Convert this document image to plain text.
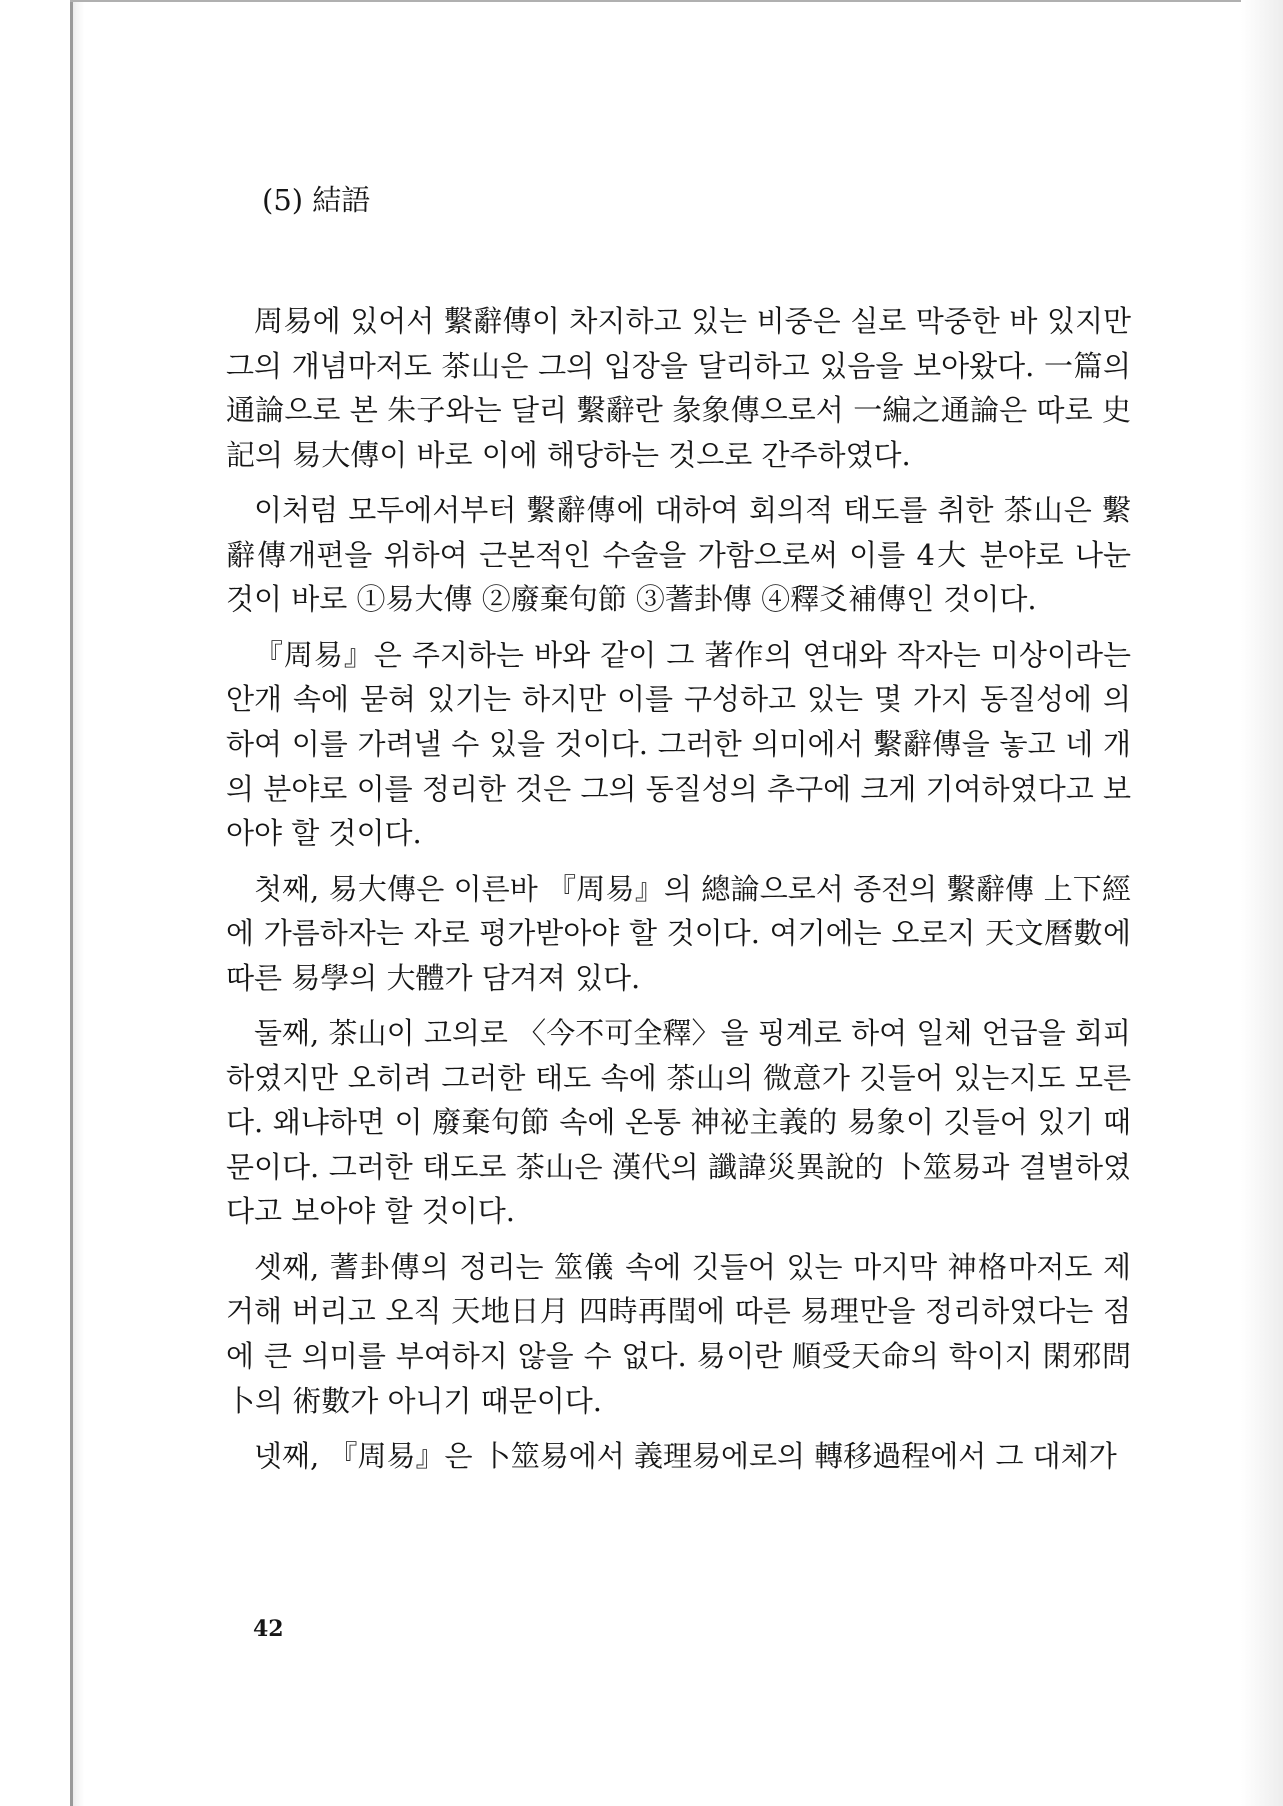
(5) 結語

周易에 있어서 繫辭傳이 차지하고 있는 비중은 실로 막중한 바 있지만 그의 개념마저도 茶山은 그의 입장을 달리하고 있음을 보아왔다. 一篇의 通論으로 본 朱子와는 달리 繫辭란 彖象傳으로서 一編之通論은 따로 史記의 易大傳이 바로 이에 해당하는 것으로 간주하였다.

이처럼 모두에서부터 繫辭傳에 대하여 회의적 태도를 취한 茶山은 繫辭傳개편을 위하여 근본적인 수술을 가함으로써 이를 4大 분야로 나눈 것이 바로 ①易大傳 ②廢棄句節 ③蓍卦傳 ④釋爻補傳인 것이다.

『周易』은 주지하는 바와 같이 그 著作의 연대와 작자는 미상이라는 안개 속에 묻혀 있기는 하지만 이를 구성하고 있는 몇 가지 동질성에 의하여 이를 가려낼 수 있을 것이다. 그러한 의미에서 繫辭傳을 놓고 네 개의 분야로 이를 정리한 것은 그의 동질성의 추구에 크게 기여하였다고 보아야 할 것이다.

첫째, 易大傳은 이른바 『周易』의 總論으로서 종전의 繫辭傳 上下經에 가름하자는 자로 평가받아야 할 것이다. 여기에는 오로지 天文曆數에 따른 易學의 大體가 담겨져 있다.

둘째, 茶山이 고의로 〈今不可全釋〉을 핑계로 하여 일체 언급을 회피하였지만 오히려 그러한 태도 속에 茶山의 微意가 깃들어 있는지도 모른다. 왜냐하면 이 廢棄句節 속에 온통 神祕主義的 易象이 깃들어 있기 때문이다. 그러한 태도로 茶山은 漢代의 讖諱災異說的 卜筮易과 결별하였다고 보아야 할 것이다.

셋째, 蓍卦傳의 정리는 筮儀 속에 깃들어 있는 마지막 神格마저도 제거해 버리고 오직 天地日月 四時再閏에 따른 易理만을 정리하였다는 점에 큰 의미를 부여하지 않을 수 없다. 易이란 順受天命의 학이지 閑邪問卜의 術數가 아니기 때문이다.

넷째, 『周易』은 卜筮易에서 義理易에로의 轉移過程에서 그 대체가

42
